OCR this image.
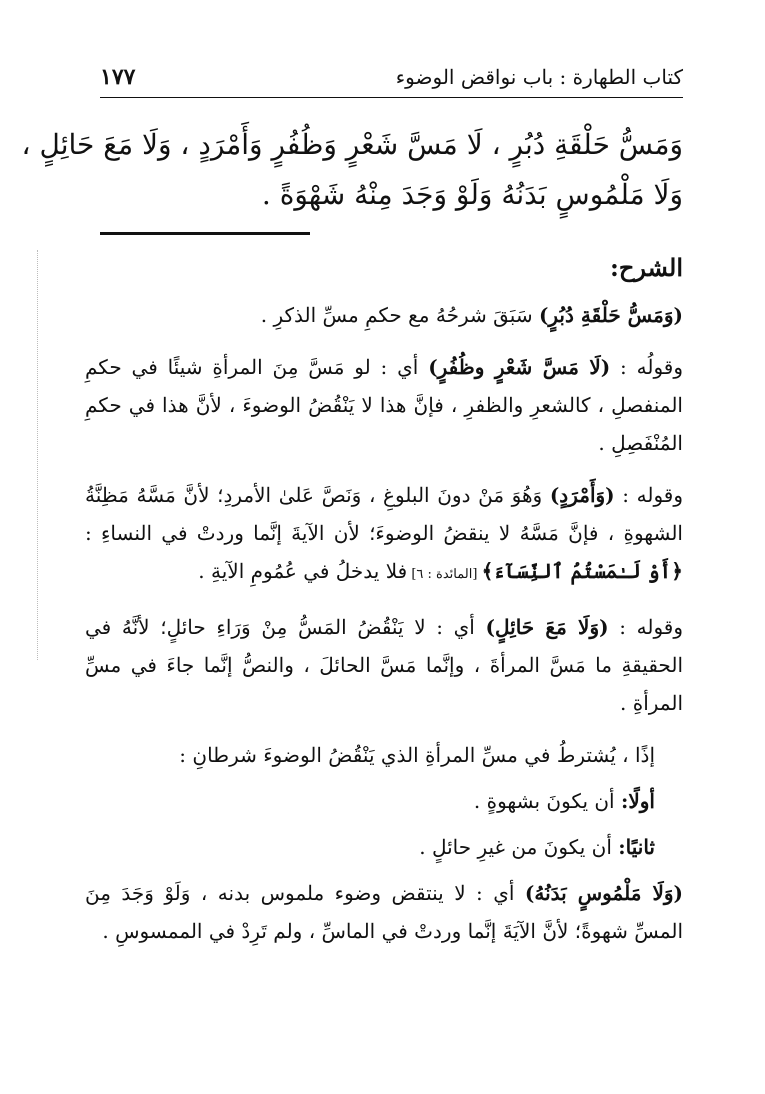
كتاب الطهارة : باب نواقض الوضوء
١٧٧

وَمَسُّ حَلْقَةِ دُبُرٍ ، لَا مَسَّ شَعْرٍ وَظُفُرٍ وَأَمْرَدٍ ، وَلَا مَعَ حَائِلٍ ،

وَلَا مَلْمُوسٍ بَدَنُهُ وَلَوْ وَجَدَ مِنْهُ شَهْوَةً .

الشرح:

(وَمَسُّ حَلْقَةِ دُبُرٍ) سَبَقَ شرحُهُ مع حكمِ مسِّ الذكرِ .

وقولُه : (لَا مَسَّ شَعْرٍ وظُفُرٍ) أي : لو مَسَّ مِنَ المرأةِ شيئًا في حكمِ المنفصلِ ، كالشعرِ والظفرِ ، فإنَّ هذا لا يَنْقُضُ الوضوءَ ، لأنَّ هذا في حكمِ المُنْفَصِلِ .

وقوله : (وَأَمْرَدٍ) وَهُوَ مَنْ دونَ البلوغِ ، وَنَصَّ عَلىٰ الأمردِ؛ لأنَّ مَسَّهُ مَظِنَّةُ الشهوةِ ، فإنَّ مَسَّهُ لا ينقضُ الوضوءَ؛ لأن الآيةَ إنَّما وردتْ في النساءِ : ﴿أَوْ لَـٰمَسْتُمُ ٱلنِّسَآءَ﴾ [المائدة : ٦] فلا يدخلُ في عُمُومِ الآيةِ .

وقوله : (وَلَا مَعَ حَائِلٍ) أي : لا يَنْقُضُ المَسُّ مِنْ وَرَاءِ حائلٍ؛ لأنَّهُ في الحقيقةِ ما مَسَّ المرأةَ ، وإنَّما مَسَّ الحائلَ ، والنصُّ إنَّما جاءَ في مسِّ المرأةِ .

إذًا ، يُشترطُ في مسِّ المرأةِ الذي يَنْقُضُ الوضوءَ شرطانِ :

أولًا: أن يكونَ بشهوةٍ .

ثانيًا: أن يكونَ من غيرِ حائلٍ .

(وَلَا مَلْمُوسٍ بَدَنُهُ) أي : لا ينتقض وضوء ملموس بدنه ، وَلَوْ وَجَدَ مِنَ المسِّ شهوةً؛ لأنَّ الآيَةَ إنَّما وردتْ في الماسِّ ، ولم تَرِدْ في الممسوسِ .
